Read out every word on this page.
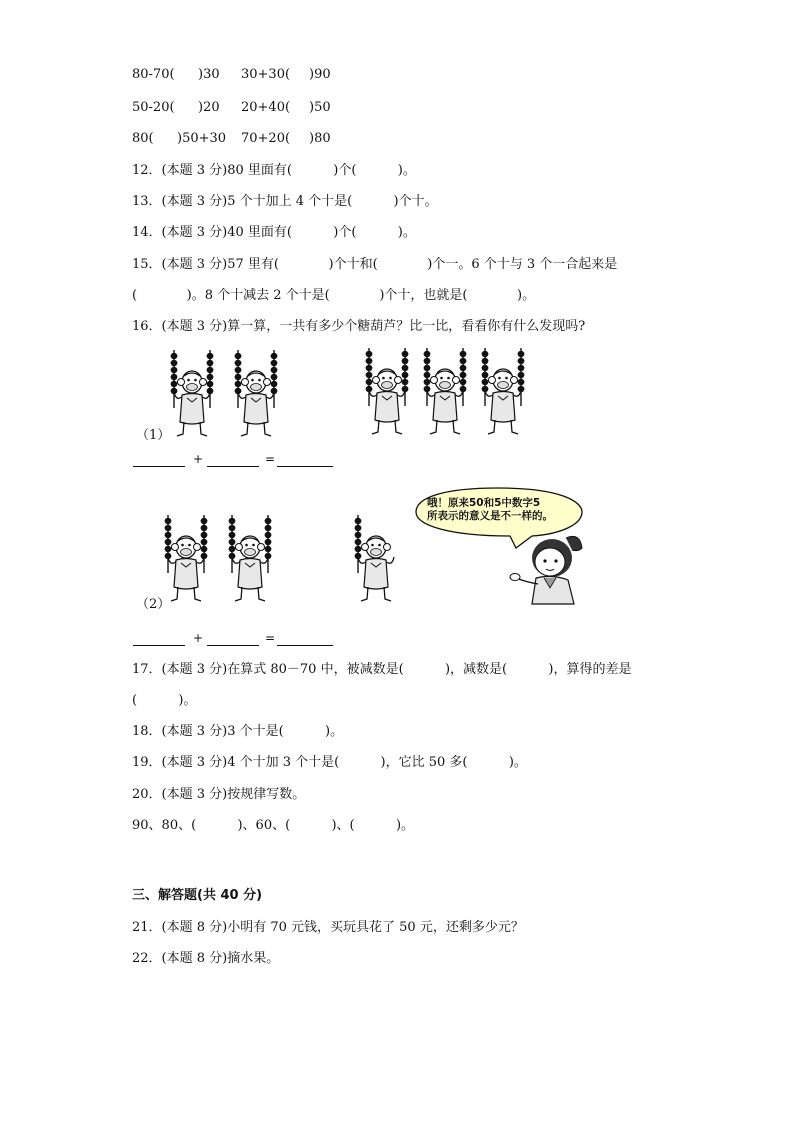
80-70( )30 30+30( )90
50-20( )20 20+40( )50
80( )50+30 70+20( )80
12．(本题 3 分)80 里面有(          )个(          )。
13．(本题 3 分)5 个十加上 4 个十是(          )个十。
14．(本题 3 分)40 里面有(          )个(          )。
15．(本题 3 分)57 里有(            )个十和(            )个一。6 个十与 3 个一合起来是
(            )。8 个十减去 2 个十是(            )个十，也就是(            )。
16．(本题 3 分)算一算，一共有多少个糖葫芦？比一比，看看你有什么发现吗?
（1）
+	=
哦！原来50和5中数字5
所表示的意义是不一样的。
（2）
+	=
17．(本题 3 分)在算式 80－70 中，被减数是(          )，减数是(          )，算得的差是
(          )。
18．(本题 3 分)3 个十是(          )。
19．(本题 3 分)4 个十加 3 个十是(          )，它比 50 多(          )。
20．(本题 3 分)按规律写数。
90、80、(          )、60、(          )、(          )。
三、解答题(共 40 分)
21．(本题 8 分)小明有 70 元钱，买玩具花了 50 元，还剩多少元？
22．(本题 8 分)摘水果。
